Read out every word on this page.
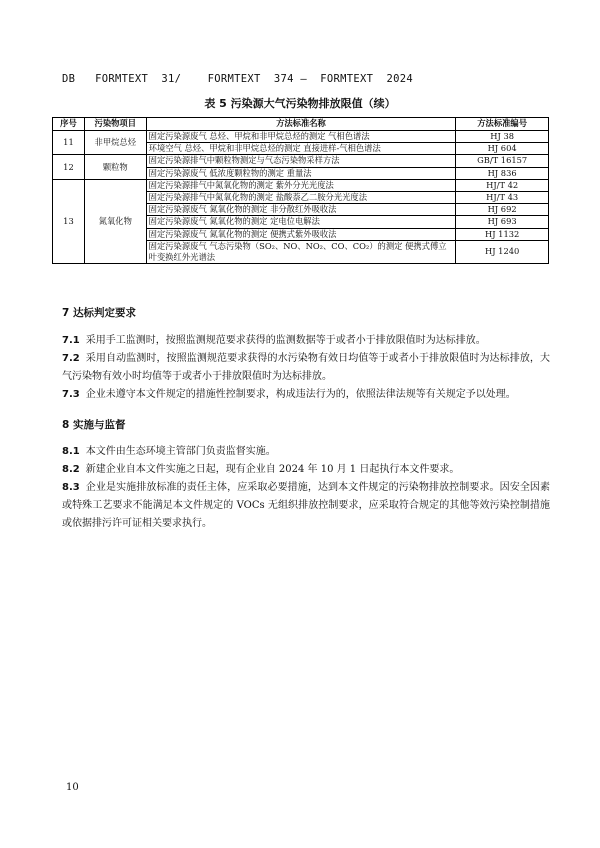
DB   FORMTEXT  31/    FORMTEXT  374 —  FORMTEXT  2024
表 5 污染源大气污染物排放限值（续）
序号	污染物项目	方法标准名称	方法标准编号
11	非甲烷总烃	固定污染源废气 总烃、甲烷和非甲烷总烃的测定 气相色谱法	HJ 38
		环境空气 总烃、甲烷和非甲烷总烃的测定 直接进样-气相色谱法	HJ 604
12	颗粒物	固定污染源排气中颗粒物测定与气态污染物采样方法	GB/T 16157
		固定污染源废气 低浓度颗粒物的测定 重量法	HJ 836
13	氮氧化物	固定污染源排气中氮氧化物的测定 紫外分光光度法	HJ/T 42
		固定污染源排气中氮氧化物的测定 盐酸萘乙二胺分光光度法	HJ/T 43
		固定污染源废气 氮氧化物的测定 非分散红外吸收法	HJ 692
		固定污染源废气 氮氧化物的测定 定电位电解法	HJ 693
		固定污染源废气 氮氧化物的测定 便携式紫外吸收法	HJ 1132
		固定污染源废气 气态污染物（SO₂、NO、NO₂、CO、CO₂）的测定 便携式傅立叶变换红外光谱法	HJ 1240
7 达标判定要求
7.1 采用手工监测时，按照监测规范要求获得的监测数据等于或者小于排放限值时为达标排放。
7.2 采用自动监测时，按照监测规范要求获得的水污染物有效日均值等于或者小于排放限值时为达标排放，大气污染物有效小时均值等于或者小于排放限值时为达标排放。
7.3 企业未遵守本文件规定的措施性控制要求，构成违法行为的，依照法律法规等有关规定予以处理。
8 实施与监督
8.1 本文件由生态环境主管部门负责监督实施。
8.2 新建企业自本文件实施之日起，现有企业自 2024 年 10 月 1 日起执行本文件要求。
8.3 企业是实施排放标准的责任主体，应采取必要措施，达到本文件规定的污染物排放控制要求。因安全因素或特殊工艺要求不能满足本文件规定的 VOCs 无组织排放控制要求，应采取符合规定的其他等效污染控制措施或依据排污许可证相关要求执行。
10
